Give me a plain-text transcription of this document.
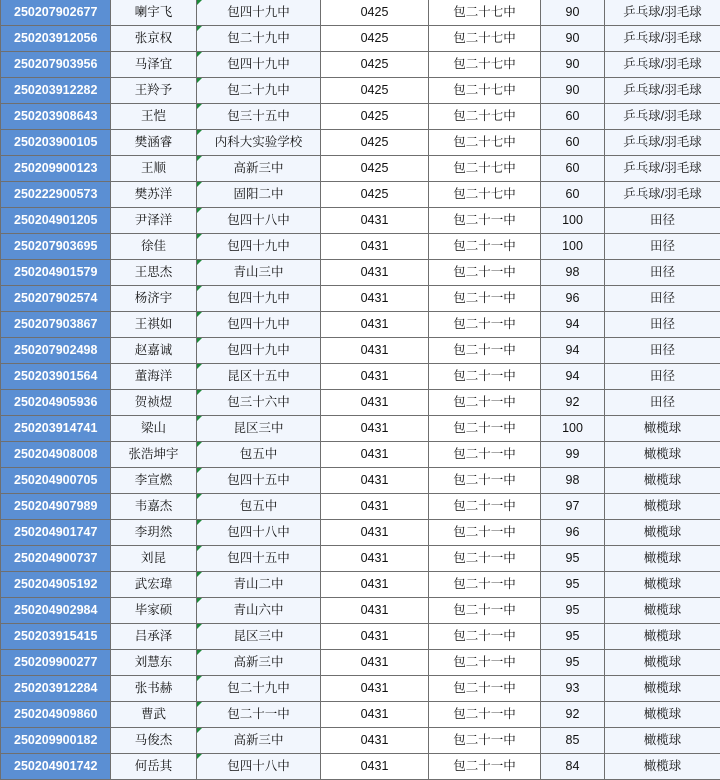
250207902677	喇宇飞	包四十九中	0425	包二十七中	90	乒乓球/羽毛球
250203912056	张京权	包二十九中	0425	包二十七中	90	乒乓球/羽毛球
250207903956	马泽宜	包四十九中	0425	包二十七中	90	乒乓球/羽毛球
250203912282	王羚予	包二十九中	0425	包二十七中	90	乒乓球/羽毛球
250203908643	王恺	包三十五中	0425	包二十七中	60	乒乓球/羽毛球
250203900105	樊涵睿	内科大实验学校	0425	包二十七中	60	乒乓球/羽毛球
250209900123	王顺	高新三中	0425	包二十七中	60	乒乓球/羽毛球
250222900573	樊苏洋	固阳二中	0425	包二十七中	60	乒乓球/羽毛球
250204901205	尹泽洋	包四十八中	0431	包二十一中	100	田径
250207903695	徐佳	包四十九中	0431	包二十一中	100	田径
250204901579	王思杰	青山三中	0431	包二十一中	98	田径
250207902574	杨济宇	包四十九中	0431	包二十一中	96	田径
250207903867	王祺如	包四十九中	0431	包二十一中	94	田径
250207902498	赵嘉诚	包四十九中	0431	包二十一中	94	田径
250203901564	董海洋	昆区十五中	0431	包二十一中	94	田径
250204905936	贺祯煜	包三十六中	0431	包二十一中	92	田径
250203914741	梁山	昆区三中	0431	包二十一中	100	橄榄球
250204908008	张浩坤宇	包五中	0431	包二十一中	99	橄榄球
250204900705	李宣燃	包四十五中	0431	包二十一中	98	橄榄球
250204907989	韦嘉杰	包五中	0431	包二十一中	97	橄榄球
250204901747	李玥然	包四十八中	0431	包二十一中	96	橄榄球
250204900737	刘昆	包四十五中	0431	包二十一中	95	橄榄球
250204905192	武宏瑋	青山二中	0431	包二十一中	95	橄榄球
250204902984	毕家硕	青山六中	0431	包二十一中	95	橄榄球
250203915415	吕承泽	昆区三中	0431	包二十一中	95	橄榄球
250209900277	刘慧东	高新三中	0431	包二十一中	95	橄榄球
250203912284	张书赫	包二十九中	0431	包二十一中	93	橄榄球
250204909860	曹武	包二十一中	0431	包二十一中	92	橄榄球
250209900182	马俊杰	高新三中	0431	包二十一中	85	橄榄球
250204901742	何岳其	包四十八中	0431	包二十一中	84	橄榄球
